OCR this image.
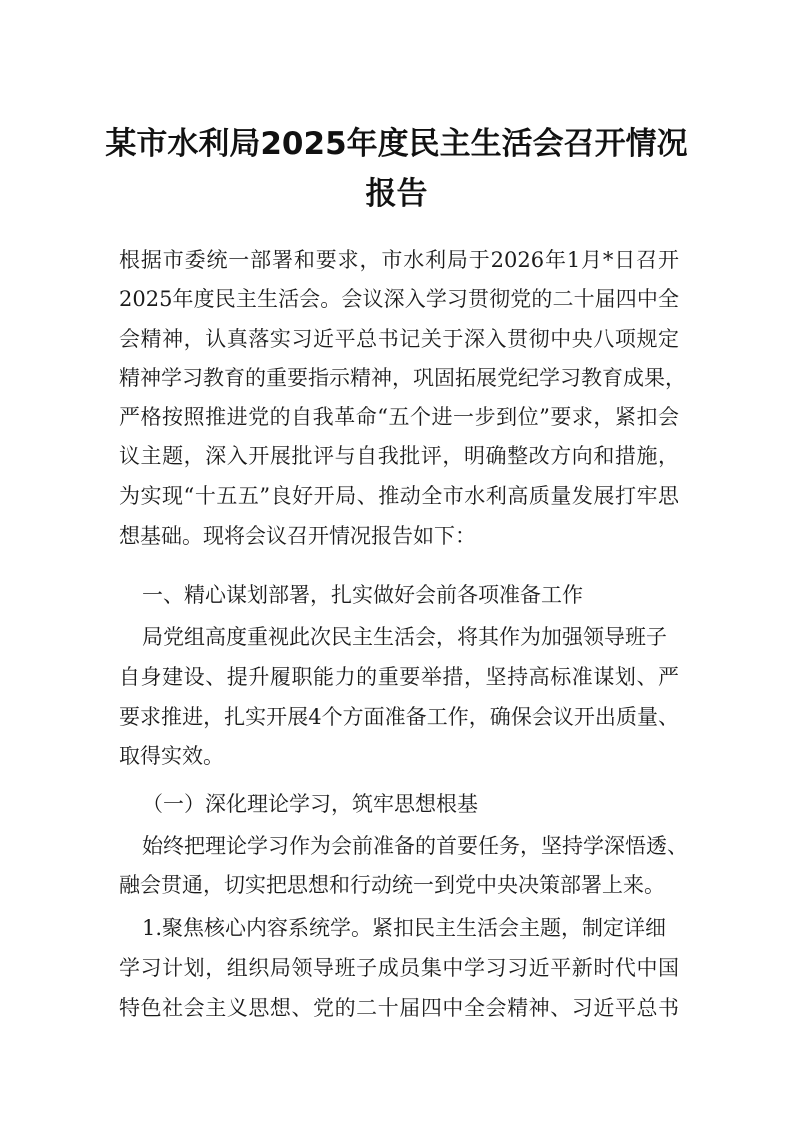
某市水利局2025年度民主生活会召开情况
报告

根据市委统一部署和要求，市水利局于2026年1月*日召开

2025年度民主生活会。会议深入学习贯彻党的二十届四中全

会精神，认真落实习近平总书记关于深入贯彻中央八项规定

精神学习教育的重要指示精神，巩固拓展党纪学习教育成果，

严格按照推进党的自我革命“五个进一步到位”要求，紧扣会

议主题，深入开展批评与自我批评，明确整改方向和措施，

为实现“十五五”良好开局、推动全市水利高质量发展打牢思

想基础。现将会议召开情况报告如下：

一、精心谋划部署，扎实做好会前各项准备工作

局党组高度重视此次民主生活会，将其作为加强领导班子

自身建设、提升履职能力的重要举措，坚持高标准谋划、严

要求推进，扎实开展4个方面准备工作，确保会议开出质量、

取得实效。

（一）深化理论学习，筑牢思想根基

始终把理论学习作为会前准备的首要任务，坚持学深悟透、

融会贯通，切实把思想和行动统一到党中央决策部署上来。

1.聚焦核心内容系统学。紧扣民主生活会主题，制定详细

学习计划，组织局领导班子成员集中学习习近平新时代中国

特色社会主义思想、党的二十届四中全会精神、习近平总书
